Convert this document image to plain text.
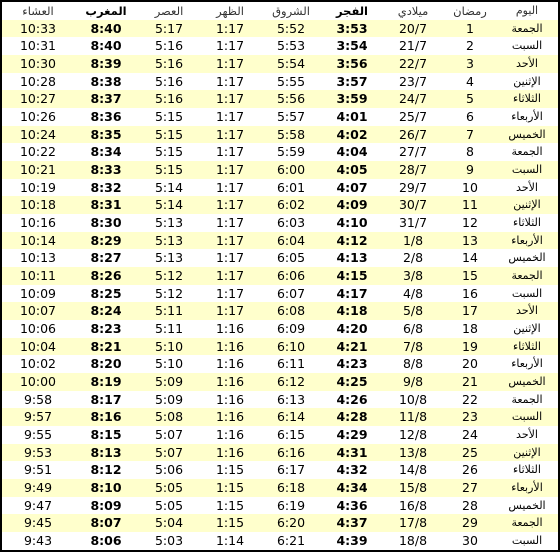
اليوم	رمضان	ميلادي	الفجر	الشروق	الظهر	العصر	المغرب	العشاء
الجمعة	1	20/7	3:53	5:52	1:17	5:17	8:40	10:33
السبت	2	21/7	3:54	5:53	1:17	5:16	8:40	10:31
الأحد	3	22/7	3:56	5:54	1:17	5:16	8:39	10:30
الإثنين	4	23/7	3:57	5:55	1:17	5:16	8:38	10:28
الثلاثاء	5	24/7	3:59	5:56	1:17	5:16	8:37	10:27
الأربعاء	6	25/7	4:01	5:57	1:17	5:15	8:36	10:26
الخميس	7	26/7	4:02	5:58	1:17	5:15	8:35	10:24
الجمعة	8	27/7	4:04	5:59	1:17	5:15	8:34	10:22
السبت	9	28/7	4:05	6:00	1:17	5:15	8:33	10:21
الأحد	10	29/7	4:07	6:01	1:17	5:14	8:32	10:19
الإثنين	11	30/7	4:09	6:02	1:17	5:14	8:31	10:18
الثلاثاء	12	31/7	4:10	6:03	1:17	5:13	8:30	10:16
الأربعاء	13	1/8	4:12	6:04	1:17	5:13	8:29	10:14
الخميس	14	2/8	4:13	6:05	1:17	5:13	8:27	10:13
الجمعة	15	3/8	4:15	6:06	1:17	5:12	8:26	10:11
السبت	16	4/8	4:17	6:07	1:17	5:12	8:25	10:09
الأحد	17	5/8	4:18	6:08	1:17	5:11	8:24	10:07
الإثنين	18	6/8	4:20	6:09	1:16	5:11	8:23	10:06
الثلاثاء	19	7/8	4:21	6:10	1:16	5:10	8:21	10:04
الأربعاء	20	8/8	4:23	6:11	1:16	5:10	8:20	10:02
الخميس	21	9/8	4:25	6:12	1:16	5:09	8:19	10:00
الجمعة	22	10/8	4:26	6:13	1:16	5:09	8:17	9:58
السبت	23	11/8	4:28	6:14	1:16	5:08	8:16	9:57
الأحد	24	12/8	4:29	6:15	1:16	5:07	8:15	9:55
الإثنين	25	13/8	4:31	6:16	1:16	5:07	8:13	9:53
الثلاثاء	26	14/8	4:32	6:17	1:15	5:06	8:12	9:51
الأربعاء	27	15/8	4:34	6:18	1:15	5:05	8:10	9:49
الخميس	28	16/8	4:36	6:19	1:15	5:05	8:09	9:47
الجمعة	29	17/8	4:37	6:20	1:15	5:04	8:07	9:45
السبت	30	18/8	4:39	6:21	1:14	5:03	8:06	9:43
